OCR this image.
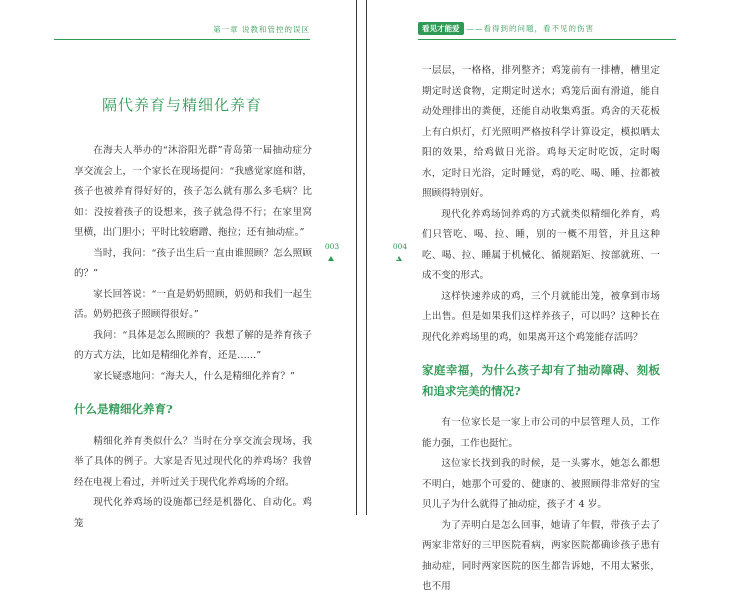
第一章 说教和管控的误区
隔代养育与精细化养育

在海夫人举办的“沐浴阳光群”青岛第一届抽动症分享交流会上，一个家长在现场提问：“我感觉家庭和谐，孩子也被养育得好好的，孩子怎么就有那么多毛病？比如：没按着孩子的设想来，孩子就急得不行；在家里窝里横，出门胆小；平时比较磨蹭、拖拉；还有抽动症。”

当时，我问：“孩子出生后一直由谁照顾？怎么照顾的？”

家长回答说：“一直是奶奶照顾，奶奶和我们一起生活。奶奶把孩子照顾得很好。”

我问：“具体是怎么照顾的？我想了解的是养育孩子的方式方法，比如是精细化养育，还是……”

家长疑惑地问：“海夫人，什么是精细化养育？”

什么是精细化养育?

精细化养育类似什么？当时在分享交流会现场，我举了具体的例子。大家是否见过现代化的养鸡场？我曾经在电视上看过，并听过关于现代化养鸡场的介绍。

现代化养鸡场的设施都已经是机器化、自动化。鸡笼

003
看见才能爱 ——看得到的问题，看不见的伤害
004

一层层，一格格，排列整齐；鸡笼前有一排槽，槽里定期定时送食物，定期定时送水；鸡笼后面有滑道，能自动处理排出的粪便，还能自动收集鸡蛋。鸡舍的天花板上有白炽灯，灯光照明严格按科学计算设定，模拟晒太阳的效果，给鸡做日光浴。鸡每天定时吃饭，定时喝水，定时日光浴，定时睡觉，鸡的吃、喝、睡、拉都被照顾得特别好。

现代化养鸡场饲养鸡的方式就类似精细化养育，鸡们只管吃、喝、拉、睡，别的一概不用管，并且这种吃、喝、拉、睡属于机械化、循规蹈矩、按部就班、一成不变的形式。

这样快速养成的鸡，三个月就能出笼，被拿到市场上出售。但是如果我们这样养孩子，可以吗？这种长在现代化养鸡场里的鸡，如果离开这个鸡笼能存活吗？

家庭幸福，为什么孩子却有了抽动障碍、刻板和追求完美的情况?

有一位家长是一家上市公司的中层管理人员，工作能力强，工作也挺忙。

这位家长找到我的时候，是一头雾水，她怎么都想不明白，她那个可爱的、健康的、被照顾得非常好的宝贝儿子为什么就得了抽动症，孩子才 4 岁。

为了弄明白是怎么回事，她请了年假，带孩子去了两家非常好的三甲医院看病，两家医院都确诊孩子患有抽动症，同时两家医院的医生都告诉她，不用太紧张，也不用
